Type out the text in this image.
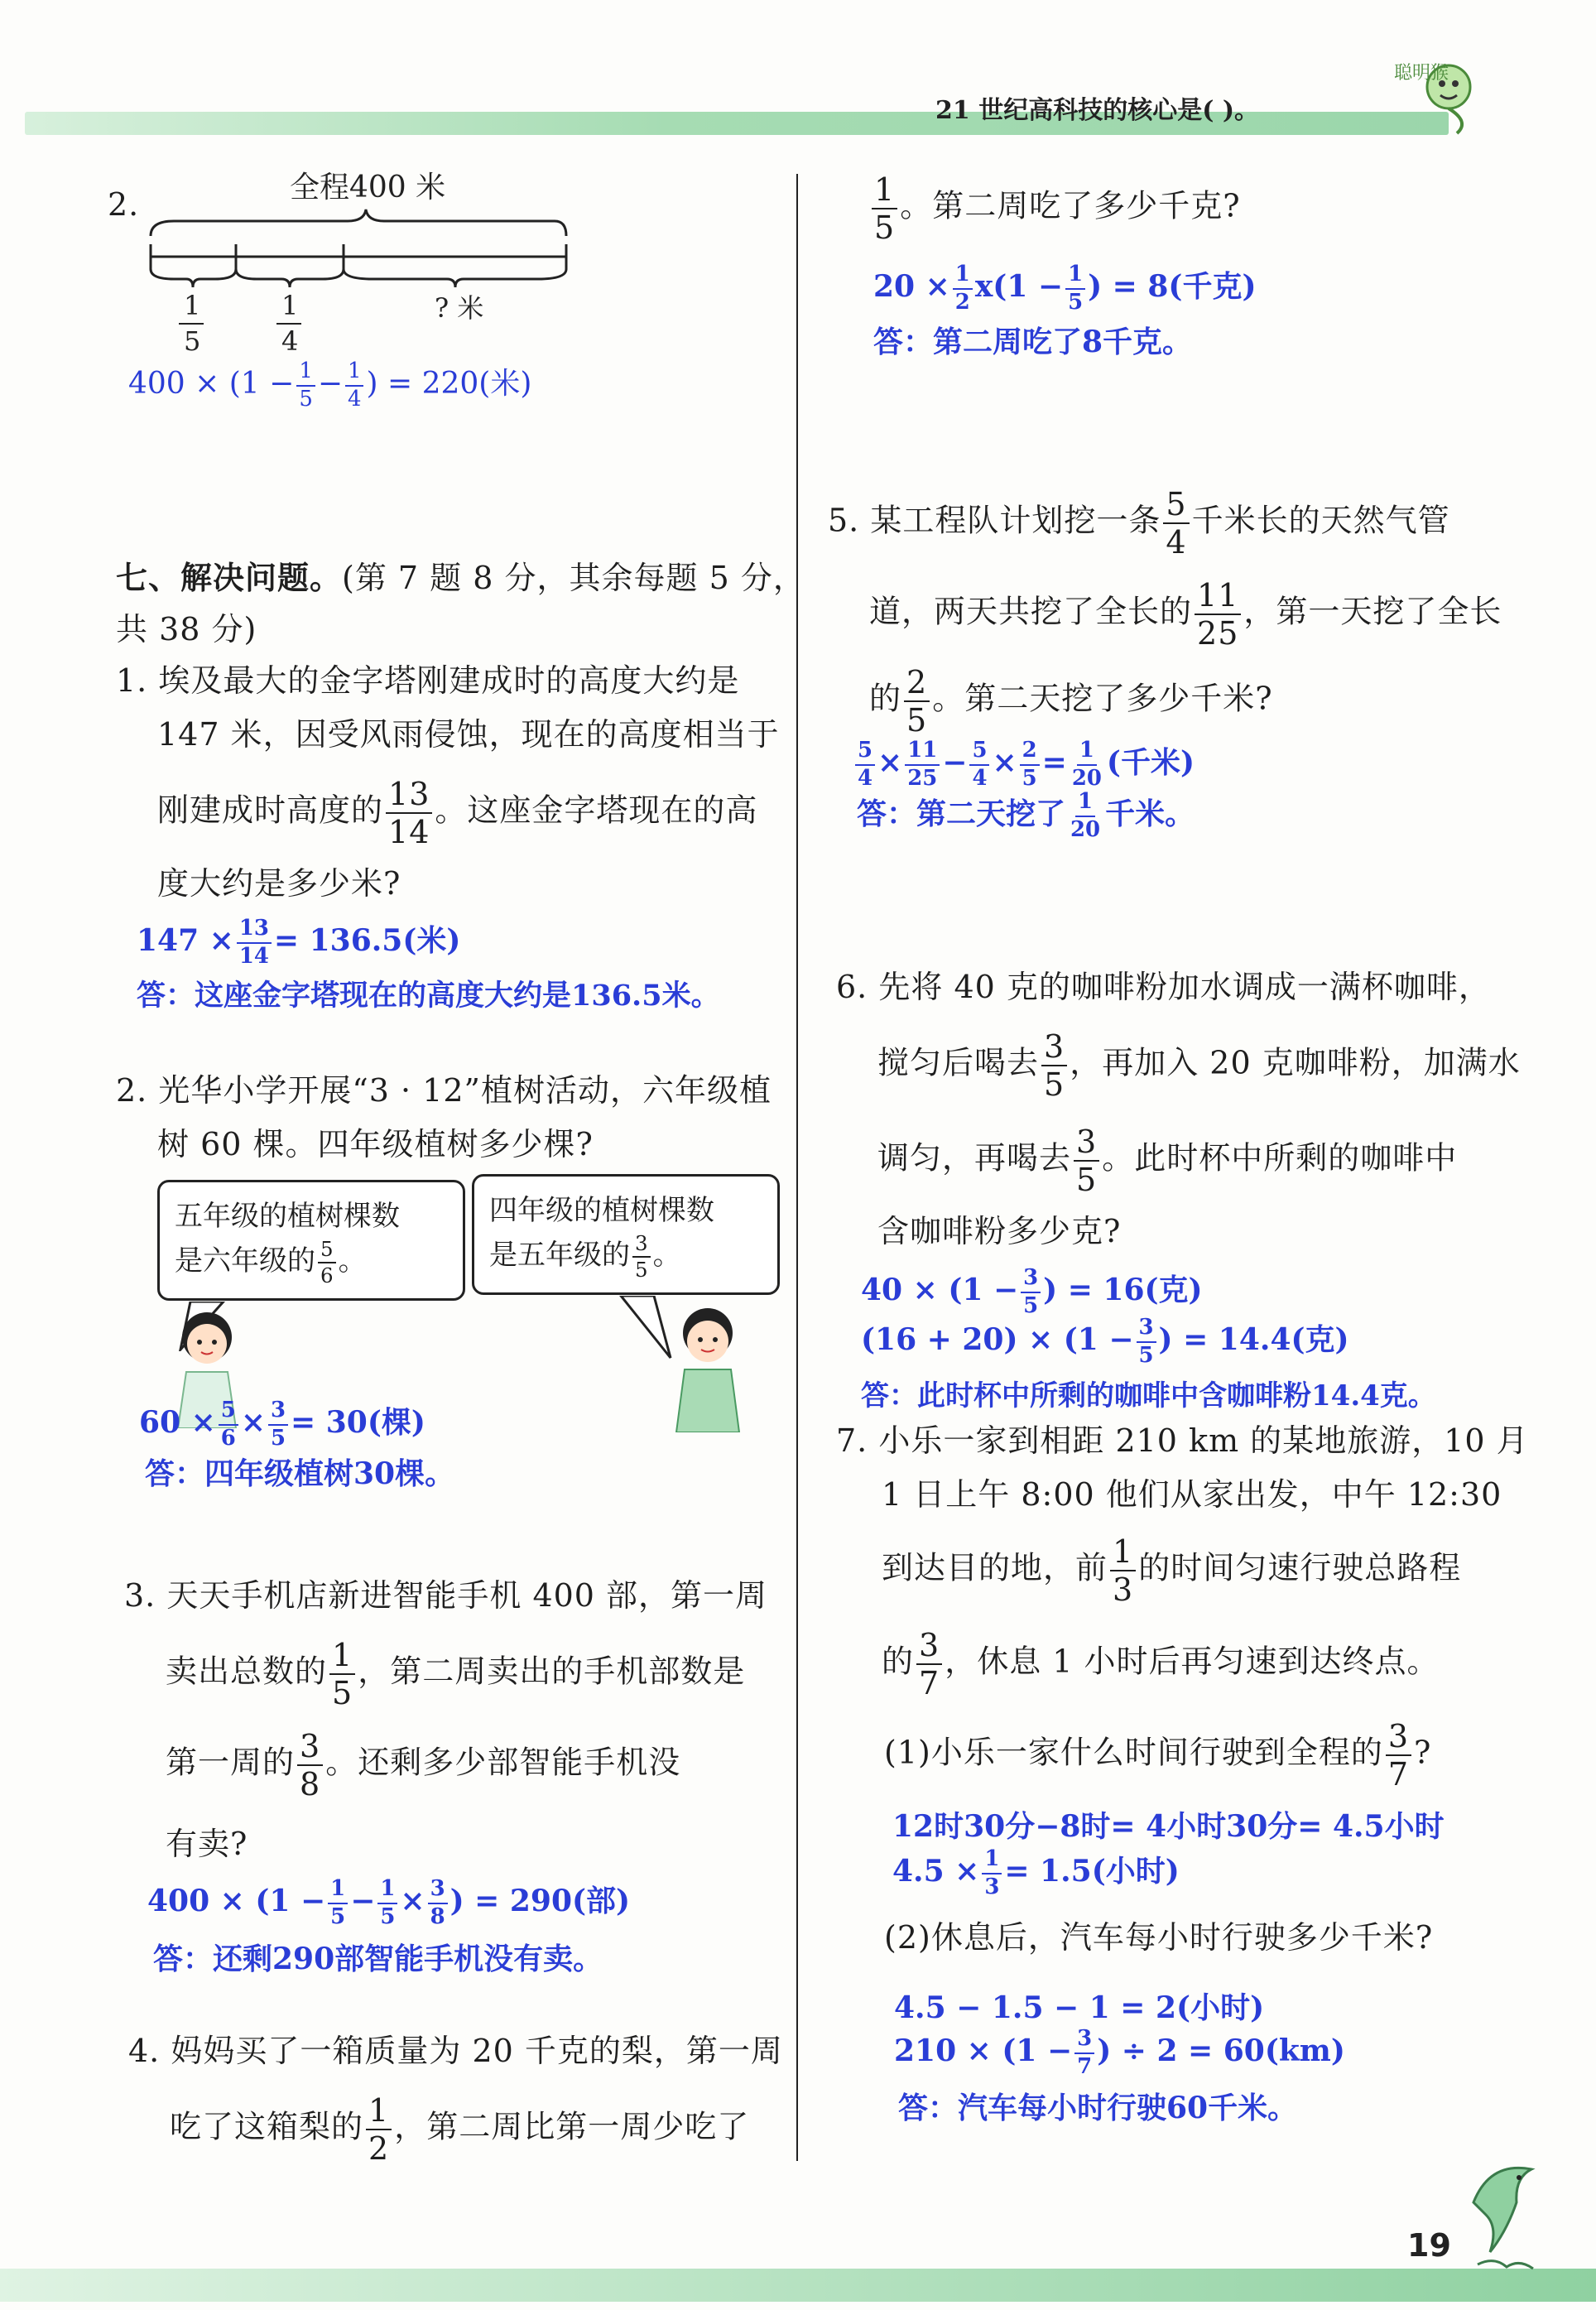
21 世纪高科技的核心是( )。
聪明猴
2.	全程400 米
1
5
1
4
? 米
$400 \times (1 - \frac{1}{5} - \frac{1}{4}$ ) = 220(米)
七、解决问题。(第 7 题 8 分，其余每题 5 分，
共 38 分)
1. 埃及最大的金字塔刚建成时的高度大约是
147 米，因受风雨侵蚀，现在的高度相当于
刚建成时高度的 $\frac{13}{14}$ 。这座金字塔现在的高
度大约是多少米?
$147 \times \frac{13}{14} = 136.5$(米)
答：这座金字塔现在的高度大约是136.5米。
2. 光华小学开展“3 · 12”植树活动，六年级植
树 60 棵。四年级植树多少棵?
五年级的植树棵数
是六年级的 $\frac{5}{6}$ 。
四年级的植树棵数
是五年级的 $\frac{3}{5}$ 。
$60 \times \frac{5}{6} \times \frac{3}{5} = 30$(棵)
答：四年级植树30棵。
3. 天天手机店新进智能手机 400 部，第一周
卖出总数的 $\frac{1}{5}$ ，第二周卖出的手机部数是
第一周的 $\frac{3}{8}$ 。还剩多少部智能手机没
有卖?
$400 \times (1 - \frac{1}{5} - \frac{1}{5} \times \frac{3}{8}$ ) = 290(部)
答：还剩290部智能手机没有卖。
4. 妈妈买了一箱质量为 20 千克的梨，第一周
吃了这箱梨的 $\frac{1}{2}$ ，第二周比第一周少吃了
$\frac{1}{5}$ 。第二周吃了多少千克?
$20 \times \frac{1}{2} x(1 - \frac{1}{5}$ ) = 8(千克)
答：第二周吃了8千克。
5. 某工程队计划挖一条 $\frac{5}{4}$ 千米长的天然气管
道，两天共挖了全长的 $\frac{11}{25}$ ，第一天挖了全长
的 $\frac{2}{5}$ 。第二天挖了多少千米?
$\frac{5}{4} \times \frac{11}{25} - \frac{5}{4} \times \frac{2}{5} = \frac{1}{20}$ (千米)
答：第二天挖了 $\frac{1}{20}$ 千米。
6. 先将 40 克的咖啡粉加水调成一满杯咖啡，
搅匀后喝去 $\frac{3}{5}$ ，再加入 20 克咖啡粉，加满水
调匀，再喝去 $\frac{3}{5}$ 。此时杯中所剩的咖啡中
含咖啡粉多少克?
$40 \times (1 - \frac{3}{5}$ ) = 16(克)
$(16 + 20) \times (1 - \frac{3}{5}$ ) = 14.4(克)
答：此时杯中所剩的咖啡中含咖啡粉14.4克。
7. 小乐一家到相距 210 km 的某地旅游，10 月
1 日上午 8:00 他们从家出发，中午 12:30
到达目的地，前 $\frac{1}{3}$ 的时间匀速行驶总路程
的 $\frac{3}{7}$ ，休息 1 小时后再匀速到达终点。
(1)小乐一家什么时间行驶到全程的 $\frac{3}{7}$ ?
12时30分−8时= 4小时30分= 4.5小时
$4.5 \times \frac{1}{3} = 1.5$(小时)
(2)休息后，汽车每小时行驶多少千米?
4.5 − 1.5 − 1 = 2(小时)
$210 \times (1 - \frac{3}{7}$ ) ÷ 2 = 60(km)
答：汽车每小时行驶60千米。
19
